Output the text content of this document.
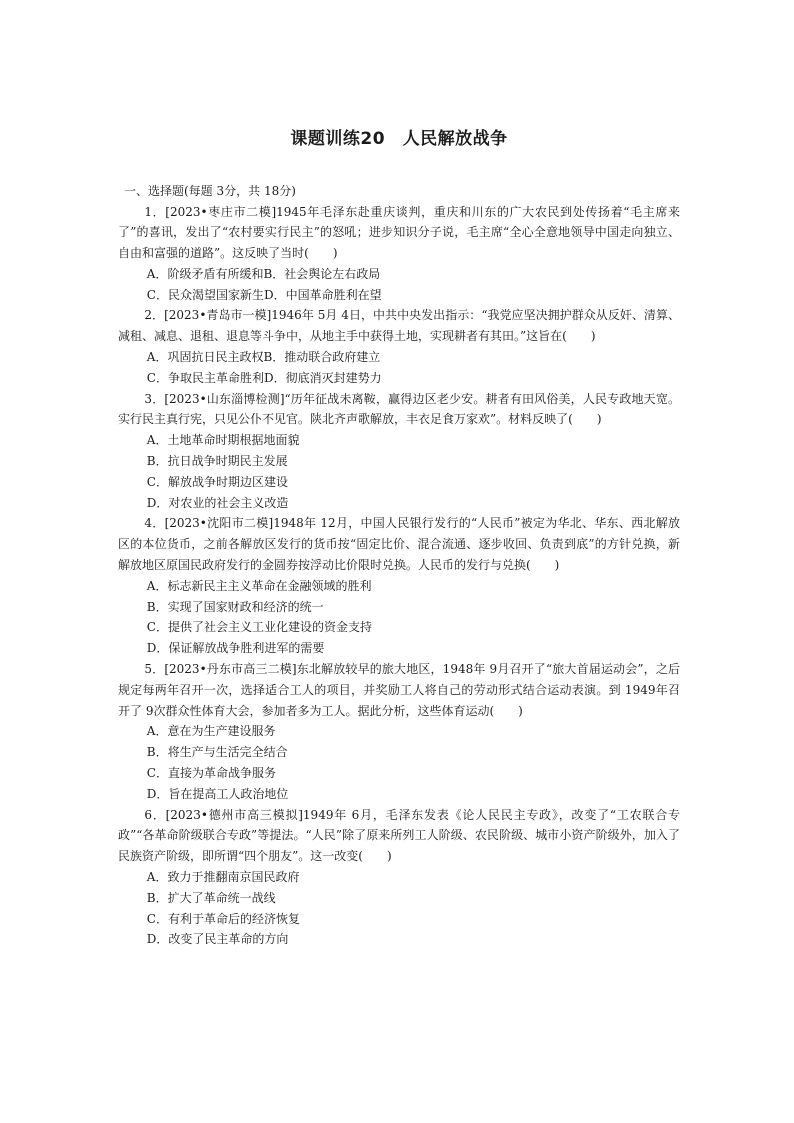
课题训练20　人民解放战争

一、选择题(每题 3分，共 18分)

1．[2023•枣庄市二模]1945年毛泽东赴重庆谈判，重庆和川东的广大农民到处传扬着“毛主席来了”的喜讯，发出了“农村要实行民主”的怒吼；进步知识分子说，毛主席“全心全意地领导中国走向独立、自由和富强的道路”。这反映了当时(　　)

A．阶级矛盾有所缓和B．社会舆论左右政局

C．民众渴望国家新生D．中国革命胜利在望

2．[2023•青岛市一模]1946年 5月 4日，中共中央发出指示：“我党应坚决拥护群众从反奸、清算、减租、减息、退租、退息等斗争中，从地主手中获得土地，实现耕者有其田。”这旨在(　　)

A．巩固抗日民主政权B．推动联合政府建立

C．争取民主革命胜利D．彻底消灭封建势力

3．[2023•山东淄博检测]“历年征战未离鞍，赢得边区老少安。耕者有田风俗美，人民专政地天宽。实行民主真行宪，只见公仆不见官。陕北齐声歌解放，丰衣足食万家欢”。材料反映了(　　)

A．土地革命时期根据地面貌

B．抗日战争时期民主发展

C．解放战争时期边区建设

D．对农业的社会主义改造

4．[2023•沈阳市二模]1948年 12月，中国人民银行发行的“人民币”被定为华北、华东、西北解放区的本位货币，之前各解放区发行的货币按“固定比价、混合流通、逐步收回、负责到底”的方针兑换，新解放地区原国民政府发行的金圆券按浮动比价限时兑换。人民币的发行与兑换(　　)

A．标志新民主主义革命在金融领域的胜利

B．实现了国家财政和经济的统一

C．提供了社会主义工业化建设的资金支持

D．保证解放战争胜利进军的需要

5．[2023•丹东市高三二模]东北解放较早的旅大地区，1948年 9月召开了“旅大首届运动会”，之后规定每两年召开一次，选择适合工人的项目，并奖励工人将自己的劳动形式结合运动表演。到 1949年召开了 9次群众性体育大会，参加者多为工人。据此分析，这些体育运动(　　)

A．意在为生产建设服务

B．将生产与生活完全结合

C．直接为革命战争服务

D．旨在提高工人政治地位

6．[2023•德州市高三模拟]1949年 6月，毛泽东发表《论人民民主专政》，改变了“工农联合专政”“各革命阶级联合专政”等提法。“人民”除了原来所列工人阶级、农民阶级、城市小资产阶级外，加入了民族资产阶级，即所谓“四个朋友”。这一改变(　　)

A．致力于推翻南京国民政府

B．扩大了革命统一战线

C．有利于革命后的经济恢复

D．改变了民主革命的方向
